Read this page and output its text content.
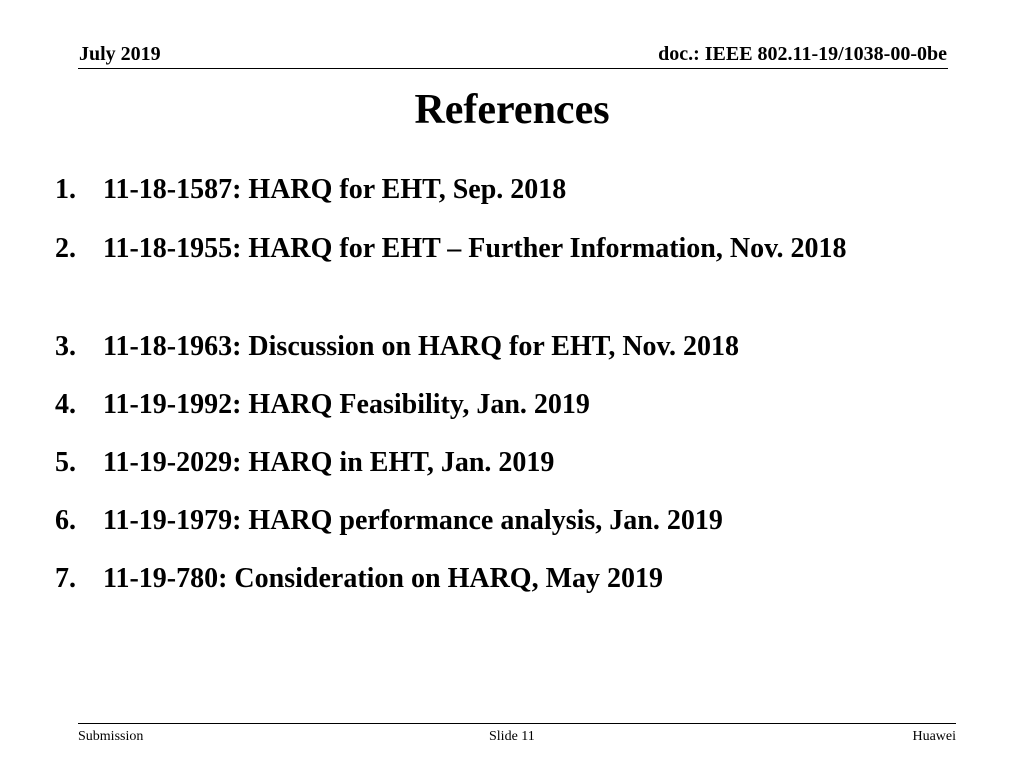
July 2019	doc.: IEEE 802.11-19/1038-00-0be
References
1. 11-18-1587: HARQ for EHT, Sep. 2018
2. 11-18-1955: HARQ for EHT – Further Information, Nov. 2018
3. 11-18-1963: Discussion on HARQ for EHT, Nov. 2018
4. 11-19-1992: HARQ Feasibility, Jan. 2019
5. 11-19-2029: HARQ in EHT, Jan. 2019
6. 11-19-1979: HARQ performance analysis, Jan. 2019
7. 11-19-780: Consideration on HARQ, May 2019
Submission	Slide 11	Huawei
